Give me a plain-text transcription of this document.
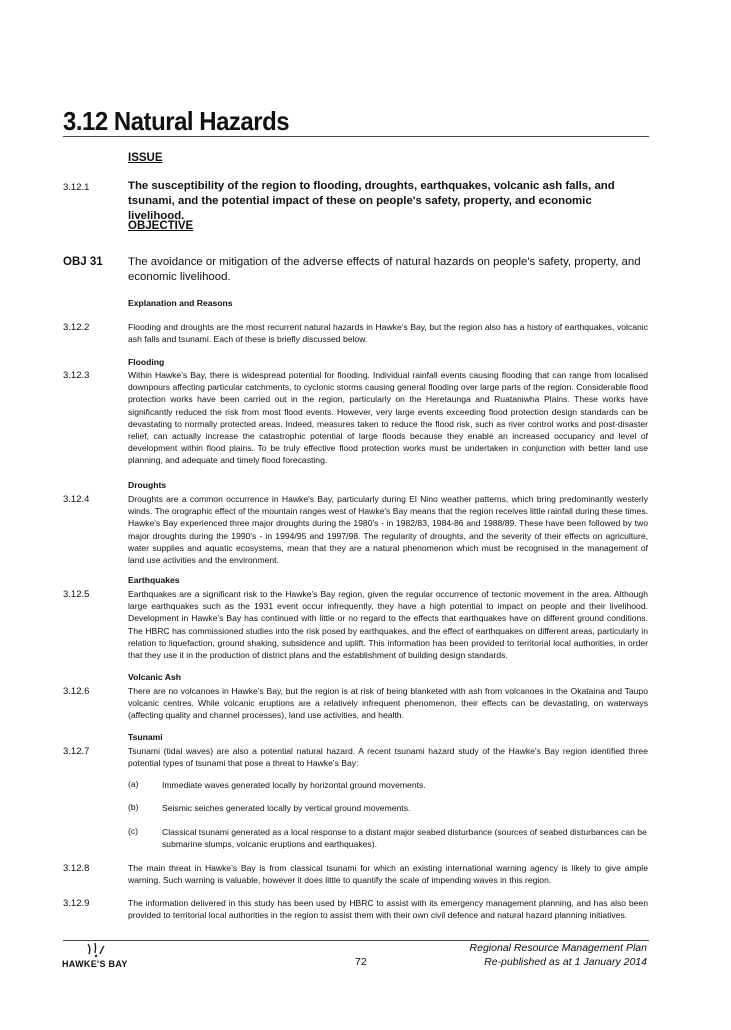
3.12 Natural Hazards
ISSUE
3.12.1	The susceptibility of the region to flooding, droughts, earthquakes, volcanic ash falls, and tsunami, and the potential impact of these on people's safety, property, and economic livelihood.
OBJECTIVE
OBJ 31 The avoidance or mitigation of the adverse effects of natural hazards on people's safety, property, and economic livelihood.
Explanation and Reasons
3.12.2	Flooding and droughts are the most recurrent natural hazards in Hawke's Bay, but the region also has a history of earthquakes, volcanic ash falls and tsunami. Each of these is briefly discussed below.
Flooding
3.12.3	Within Hawke's Bay, there is widespread potential for flooding. Individual rainfall events causing flooding that can range from localised downpours affecting particular catchments, to cyclonic storms causing general flooding over large parts of the region. Considerable flood protection works have been carried out in the region, particularly on the Heretaunga and Ruataniwha Plains. These works have significantly reduced the risk from most flood events. However, very large events exceeding flood protection design standards can be devastating to normally protected areas. Indeed, measures taken to reduce the flood risk, such as river control works and post-disaster relief, can actually increase the catastrophic potential of large floods because they enable an increased occupancy and level of development within flood plains. To be truly effective flood protection works must be undertaken in conjunction with better land use planning, and adequate and timely flood forecasting.
Droughts
3.12.4	Droughts are a common occurrence in Hawke's Bay, particularly during El Nino weather patterns, which bring predominantly westerly winds. The orographic effect of the mountain ranges west of Hawke's Bay means that the region receives little rainfall during these times. Hawke's Bay experienced three major droughts during the 1980's - in 1982/83, 1984-86 and 1988/89. These have been followed by two major droughts during the 1990's - in 1994/95 and 1997/98. The regularity of droughts, and the severity of their effects on agriculture, water supplies and aquatic ecosystems, mean that they are a natural phenomenon which must be recognised in the management of land use activities and the environment.
Earthquakes
3.12.5	Earthquakes are a significant risk to the Hawke's Bay region, given the regular occurrence of tectonic movement in the area. Although large earthquakes such as the 1931 event occur infrequently, they have a high potential to impact on people and their livelihood. Development in Hawke's Bay has continued with little or no regard to the effects that earthquakes have on different ground conditions. The HBRC has commissioned studies into the risk posed by earthquakes, and the effect of earthquakes on different areas, particularly in relation to liquefaction, ground shaking, subsidence and uplift. This information has been provided to territorial local authorities, in order that they use it in the production of district plans and the establishment of building design standards.
Volcanic Ash
3.12.6	There are no volcanoes in Hawke's Bay, but the region is at risk of being blanketed with ash from volcanoes in the Okataina and Taupo volcanic centres. While volcanic eruptions are a relatively infrequent phenomenon, their effects can be devastating, on waterways (affecting quality and channel processes), land use activities, and health.
Tsunami
3.12.7	Tsunami (tidal waves) are also a potential natural hazard. A recent tsunami hazard study of the Hawke's Bay region identified three potential types of tsunami that pose a threat to Hawke's Bay:
(a)	Immediate waves generated locally by horizontal ground movements.
(b)	Seismic seiches generated locally by vertical ground movements.
(c)	Classical tsunami generated as a local response to a distant major seabed disturbance (sources of seabed disturbances can be submarine slumps, volcanic eruptions and earthquakes).
3.12.8	The main threat in Hawke's Bay is from classical tsunami for which an existing international warning agency is likely to give ample warning. Such warning is valuable, however it does little to quantify the scale of impending waves in this region.
3.12.9	The information delivered in this study has been used by HBRC to assist with its emergency management planning, and has also been provided to territorial local authorities in the region to assist them with their own civil defence and natural hazard planning initiatives.
HAWKE'S BAY	72
Regional Resource Management Plan
Re-published as at 1 January 2014
